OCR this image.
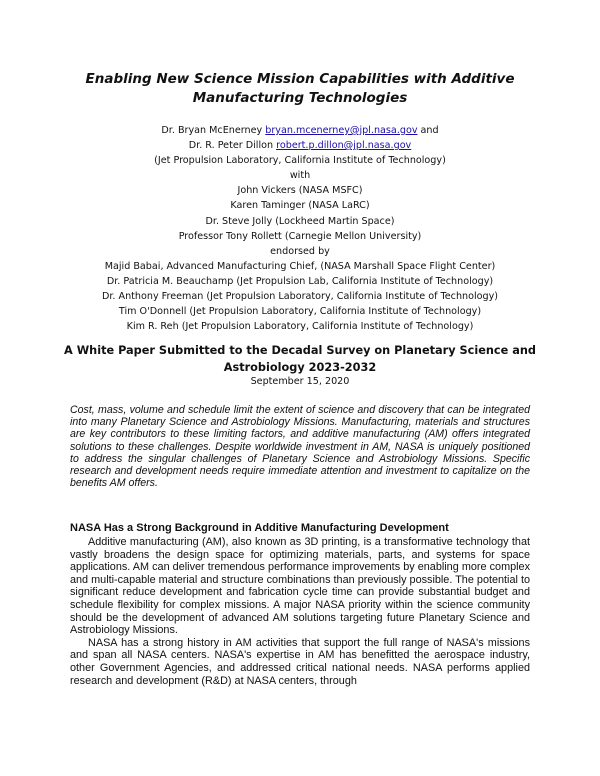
Enabling New Science Mission Capabilities with Additive
Manufacturing Technologies
Dr. Bryan McEnerney bryan.mcenerney@jpl.nasa.gov and
Dr. R. Peter Dillon robert.p.dillon@jpl.nasa.gov
(Jet Propulsion Laboratory, California Institute of Technology)
with
John Vickers (NASA MSFC)
Karen Taminger (NASA LaRC)
Dr. Steve Jolly (Lockheed Martin Space)
Professor Tony Rollett (Carnegie Mellon University)
endorsed by
Majid Babai, Advanced Manufacturing Chief, (NASA Marshall Space Flight Center)
Dr. Patricia M. Beauchamp (Jet Propulsion Lab, California Institute of Technology)
Dr. Anthony Freeman (Jet Propulsion Laboratory, California Institute of Technology)
Tim O'Donnell (Jet Propulsion Laboratory, California Institute of Technology)
Kim R. Reh (Jet Propulsion Laboratory, California Institute of Technology)
A White Paper Submitted to the Decadal Survey on Planetary Science and
Astrobiology 2023-2032
September 15, 2020
Cost, mass, volume and schedule limit the extent of science and discovery that can be integrated into many Planetary Science and Astrobiology Missions. Manufacturing, materials and structures are key contributors to these limiting factors, and additive manufacturing (AM) offers integrated solutions to these challenges. Despite worldwide investment in AM, NASA is uniquely positioned to address the singular challenges of Planetary Science and Astrobiology Missions. Specific research and development needs require immediate attention and investment to capitalize on the benefits AM offers.
NASA Has a Strong Background in Additive Manufacturing Development

Additive manufacturing (AM), also known as 3D printing, is a transformative technology that vastly broadens the design space for optimizing materials, parts, and systems for space applications. AM can deliver tremendous performance improvements by enabling more complex and multi-capable material and structure combinations than previously possible. The potential to significant reduce development and fabrication cycle time can provide substantial budget and schedule flexibility for complex missions. A major NASA priority within the science community should be the development of advanced AM solutions targeting future Planetary Science and Astrobiology Missions.

NASA has a strong history in AM activities that support the full range of NASA's missions and span all NASA centers. NASA's expertise in AM has benefitted the aerospace industry, other Government Agencies, and addressed critical national needs. NASA performs applied research and development (R&D) at NASA centers, through
